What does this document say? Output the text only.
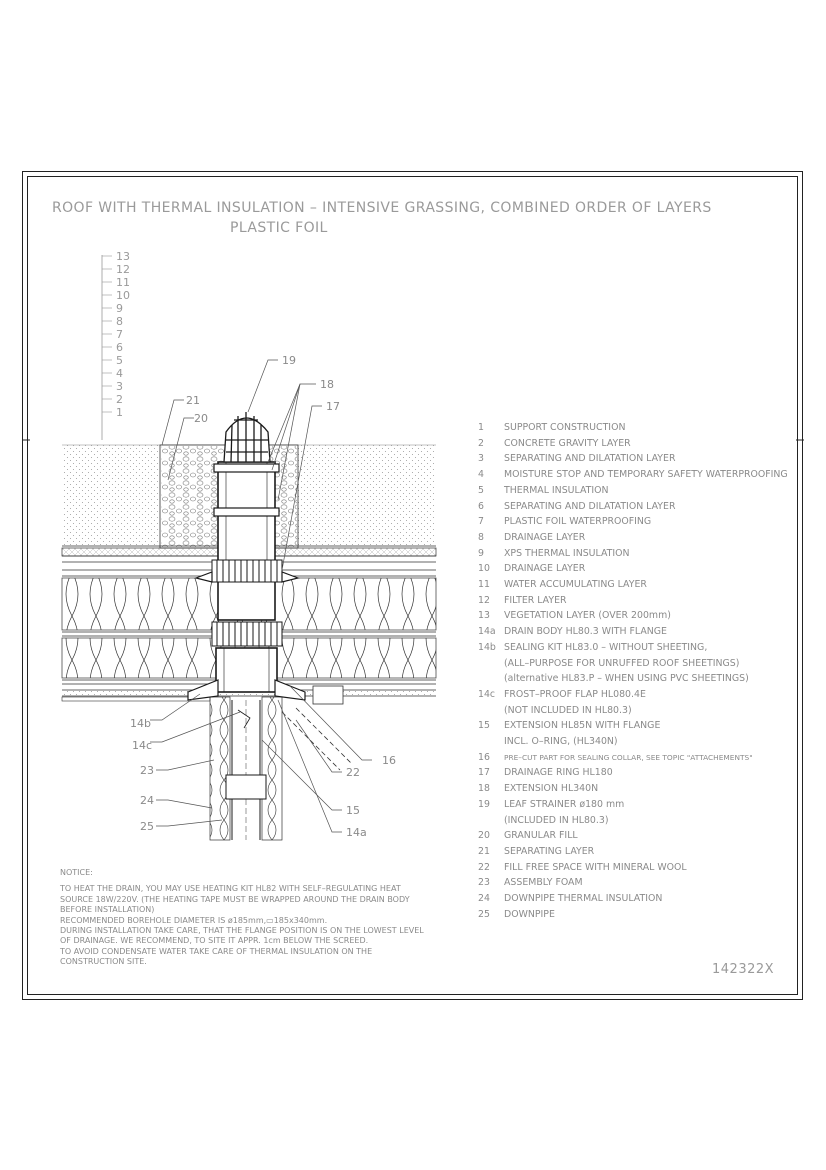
ROOF WITH THERMAL INSULATION – INTENSIVE GRASSING, COMBINED ORDER OF LAYERS
PLASTIC FOIL
13
12
11
10
9
8
7
6
5
4
3
2
1
19
18
17
21
20
14b
14c
23
24
25
16
22
15
14a
1	SUPPORT CONSTRUCTION
2	CONCRETE GRAVITY LAYER
3	SEPARATING AND DILATATION LAYER
4	MOISTURE STOP AND TEMPORARY SAFETY WATERPROOFING
5	THERMAL INSULATION
6	SEPARATING AND DILATATION LAYER
7	PLASTIC FOIL WATERPROOFING
8	DRAINAGE LAYER
9	XPS THERMAL INSULATION
10	DRAINAGE LAYER
11	WATER ACCUMULATING LAYER
12	FILTER LAYER
13	VEGETATION LAYER (OVER 200mm)
14a DRAIN BODY HL80.3 WITH FLANGE
14b SEALING KIT HL83.0 – WITHOUT SHEETING,
(ALL–PURPOSE FOR UNRUFFED ROOF SHEETINGS)
(alternative HL83.P – WHEN USING PVC SHEETINGS)
14c FROST–PROOF FLAP HL080.4E
(NOT INCLUDED IN HL80.3)
15	EXTENSION HL85N WITH FLANGE
INCL. O–RING, (HL340N)
16	PRE–CUT PART FOR SEALING COLLAR, SEE TOPIC "ATTACHEMENTS"
17	DRAINAGE RING HL180
18	EXTENSION HL340N
19	LEAF STRAINER ø180 mm
(INCLUDED IN HL80.3)
20	GRANULAR FILL
21	SEPARATING LAYER
22	FILL FREE SPACE WITH MINERAL WOOL
23	ASSEMBLY FOAM
24	DOWNPIPE THERMAL INSULATION
25	DOWNPIPE
NOTICE:

TO HEAT THE DRAIN, YOU MAY USE HEATING KIT HL82 WITH SELF–REGULATING HEAT

SOURCE 18W/220V. (THE HEATING TAPE MUST BE WRAPPED AROUND THE DRAIN BODY

BEFORE INSTALLATION)

RECOMMENDED BOREHOLE DIAMETER IS ø185mm,▭185x340mm.

DURING INSTALLATION TAKE CARE, THAT THE FLANGE POSITION IS ON THE LOWEST LEVEL

OF DRAINAGE. WE RECOMMEND, TO SITE IT APPR. 1cm BELOW THE SCREED.

TO AVOID CONDENSATE WATER TAKE CARE OF THERMAL INSULATION ON THE

CONSTRUCTION SITE.

142322X
